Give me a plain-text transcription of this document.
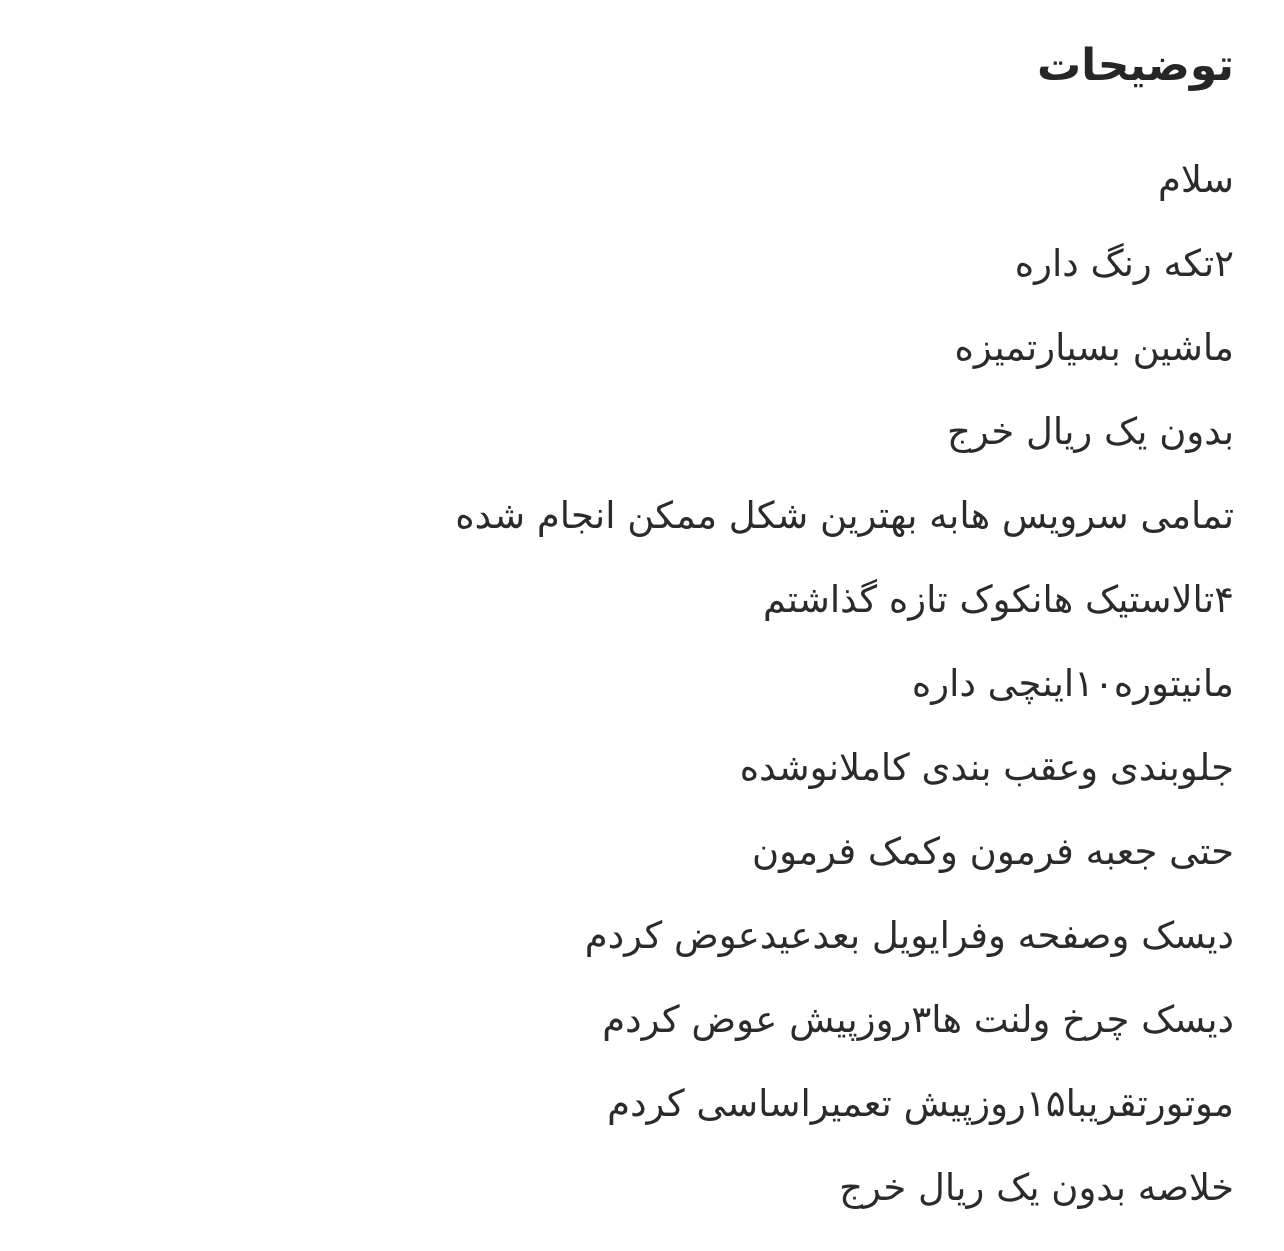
توضیحات
سلام
۲تکه رنگ داره
ماشین بسیارتمیزه
بدون یک ریال خرج
تمامی سرویس هابه بهترین شکل ممکن انجام شده
۴تالاستیک هانکوک تازه گذاشتم
مانیتوره۱۰اینچی داره
جلوبندی وعقب بندی کاملانوشده
حتی جعبه فرمون وکمک فرمون
دیسک وصفحه وفرایویل بعدعیدعوض کردم
دیسک چرخ ولنت ها۳روزپیش عوض کردم
موتورتقریبا۱۵روزپیش تعمیراساسی کردم
خلاصه بدون یک ریال خرج
